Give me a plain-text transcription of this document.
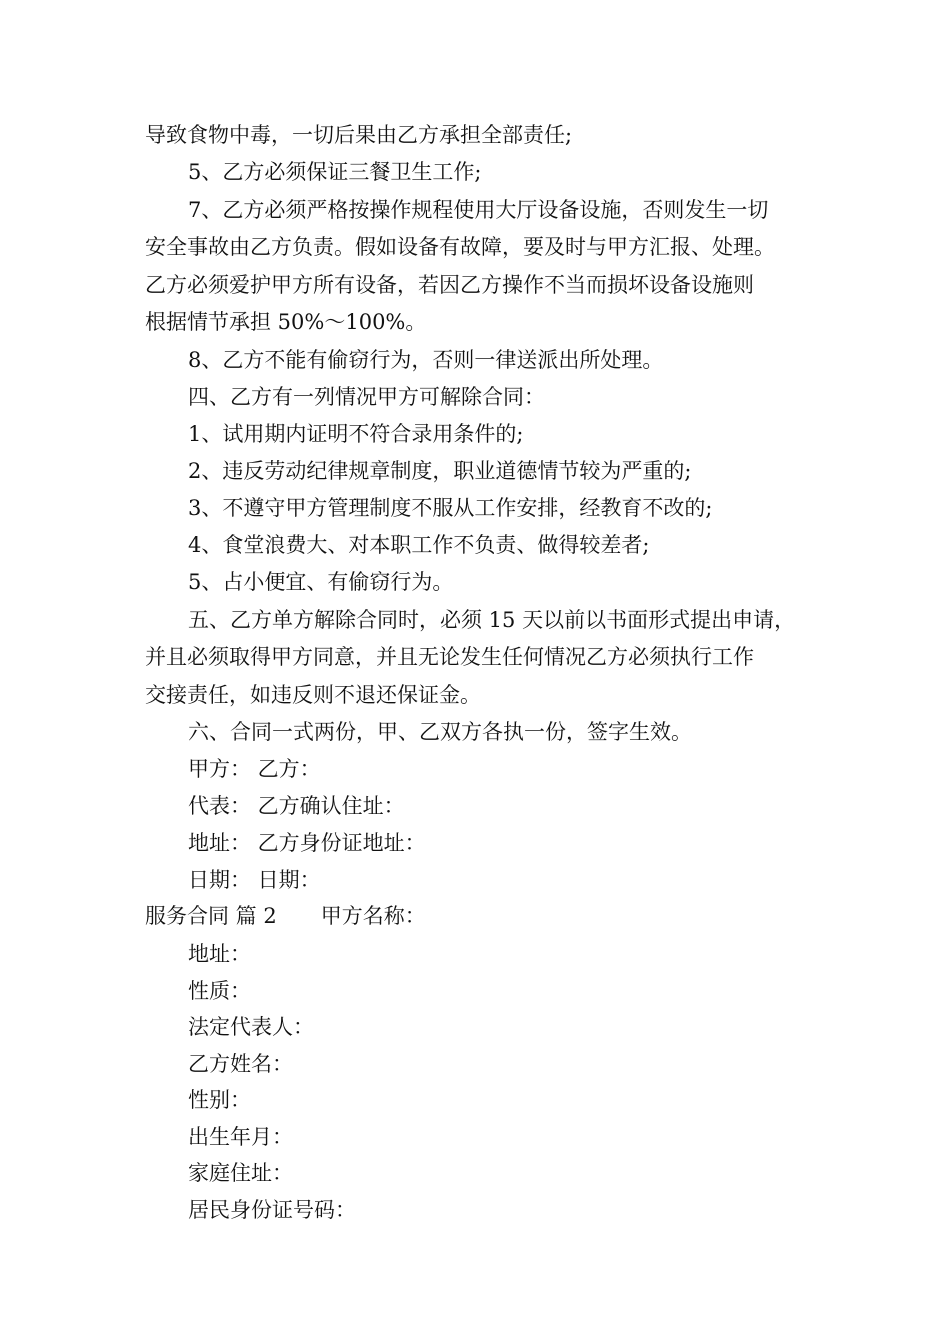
导致食物中毒，一切后果由乙方承担全部责任;
5、乙方必须保证三餐卫生工作;
7、乙方必须严格按操作规程使用大厅设备设施，否则发生一切
安全事故由乙方负责。假如设备有故障，要及时与甲方汇报、处理。
乙方必须爱护甲方所有设备，若因乙方操作不当而损坏设备设施则
根据情节承担 50%～100%。
8、乙方不能有偷窃行为，否则一律送派出所处理。
四、乙方有一列情况甲方可解除合同：
1、试用期内证明不符合录用条件的;
2、违反劳动纪律规章制度，职业道德情节较为严重的;
3、不遵守甲方管理制度不服从工作安排，经教育不改的;
4、食堂浪费大、对本职工作不负责、做得较差者;
5、占小便宜、有偷窃行为。
五、乙方单方解除合同时，必须 15 天以前以书面形式提出申请，
并且必须取得甲方同意，并且无论发生任何情况乙方必须执行工作
交接责任，如违反则不退还保证金。
六、合同一式两份，甲、乙双方各执一份，签字生效。
甲方： 乙方：
代表： 乙方确认住址：
地址： 乙方身份证地址：
日期： 日期：
服务合同 篇 2 甲方名称：
地址：
性质：
法定代表人：
乙方姓名：
性别：
出生年月：
家庭住址：
居民身份证号码：
